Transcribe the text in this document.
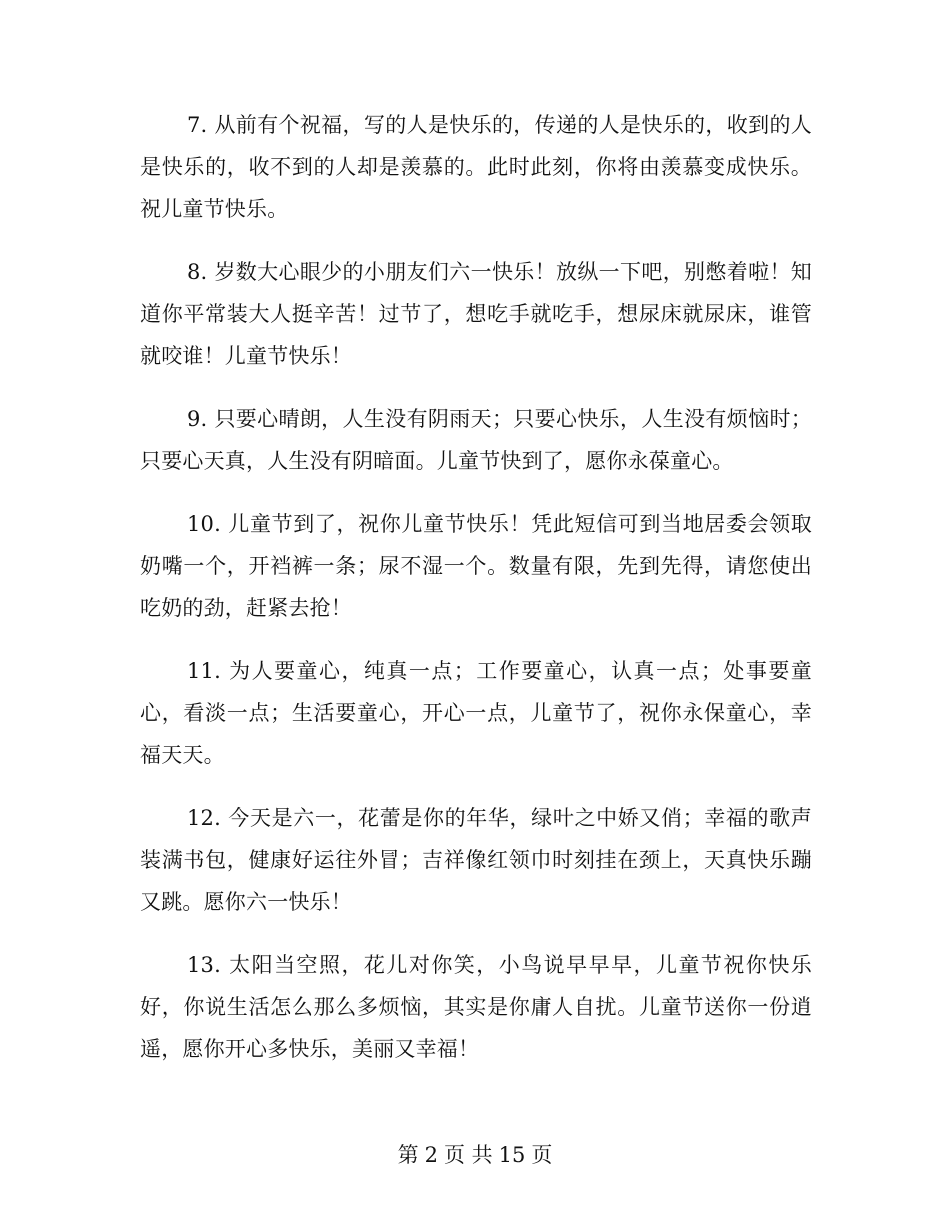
7. 从前有个祝福，写的人是快乐的，传递的人是快乐的，收到的人是快乐的，收不到的人却是羡慕的。此时此刻，你将由羡慕变成快乐。祝儿童节快乐。

8. 岁数大心眼少的小朋友们六一快乐！放纵一下吧，别憋着啦！知道你平常装大人挺辛苦！过节了，想吃手就吃手，想尿床就尿床，谁管就咬谁！儿童节快乐！

9. 只要心晴朗，人生没有阴雨天；只要心快乐，人生没有烦恼时；只要心天真，人生没有阴暗面。儿童节快到了，愿你永葆童心。

10. 儿童节到了，祝你儿童节快乐！凭此短信可到当地居委会领取奶嘴一个，开裆裤一条；尿不湿一个。数量有限，先到先得，请您使出吃奶的劲，赶紧去抢！

11. 为人要童心，纯真一点；工作要童心，认真一点；处事要童心，看淡一点；生活要童心，开心一点，儿童节了，祝你永保童心，幸福天天。

12. 今天是六一，花蕾是你的年华，绿叶之中娇又俏；幸福的歌声装满书包，健康好运往外冒；吉祥像红领巾时刻挂在颈上，天真快乐蹦又跳。愿你六一快乐！

13. 太阳当空照，花儿对你笑，小鸟说早早早，儿童节祝你快乐好，你说生活怎么那么多烦恼，其实是你庸人自扰。儿童节送你一份逍遥，愿你开心多快乐，美丽又幸福！

第 2 页 共 15 页
